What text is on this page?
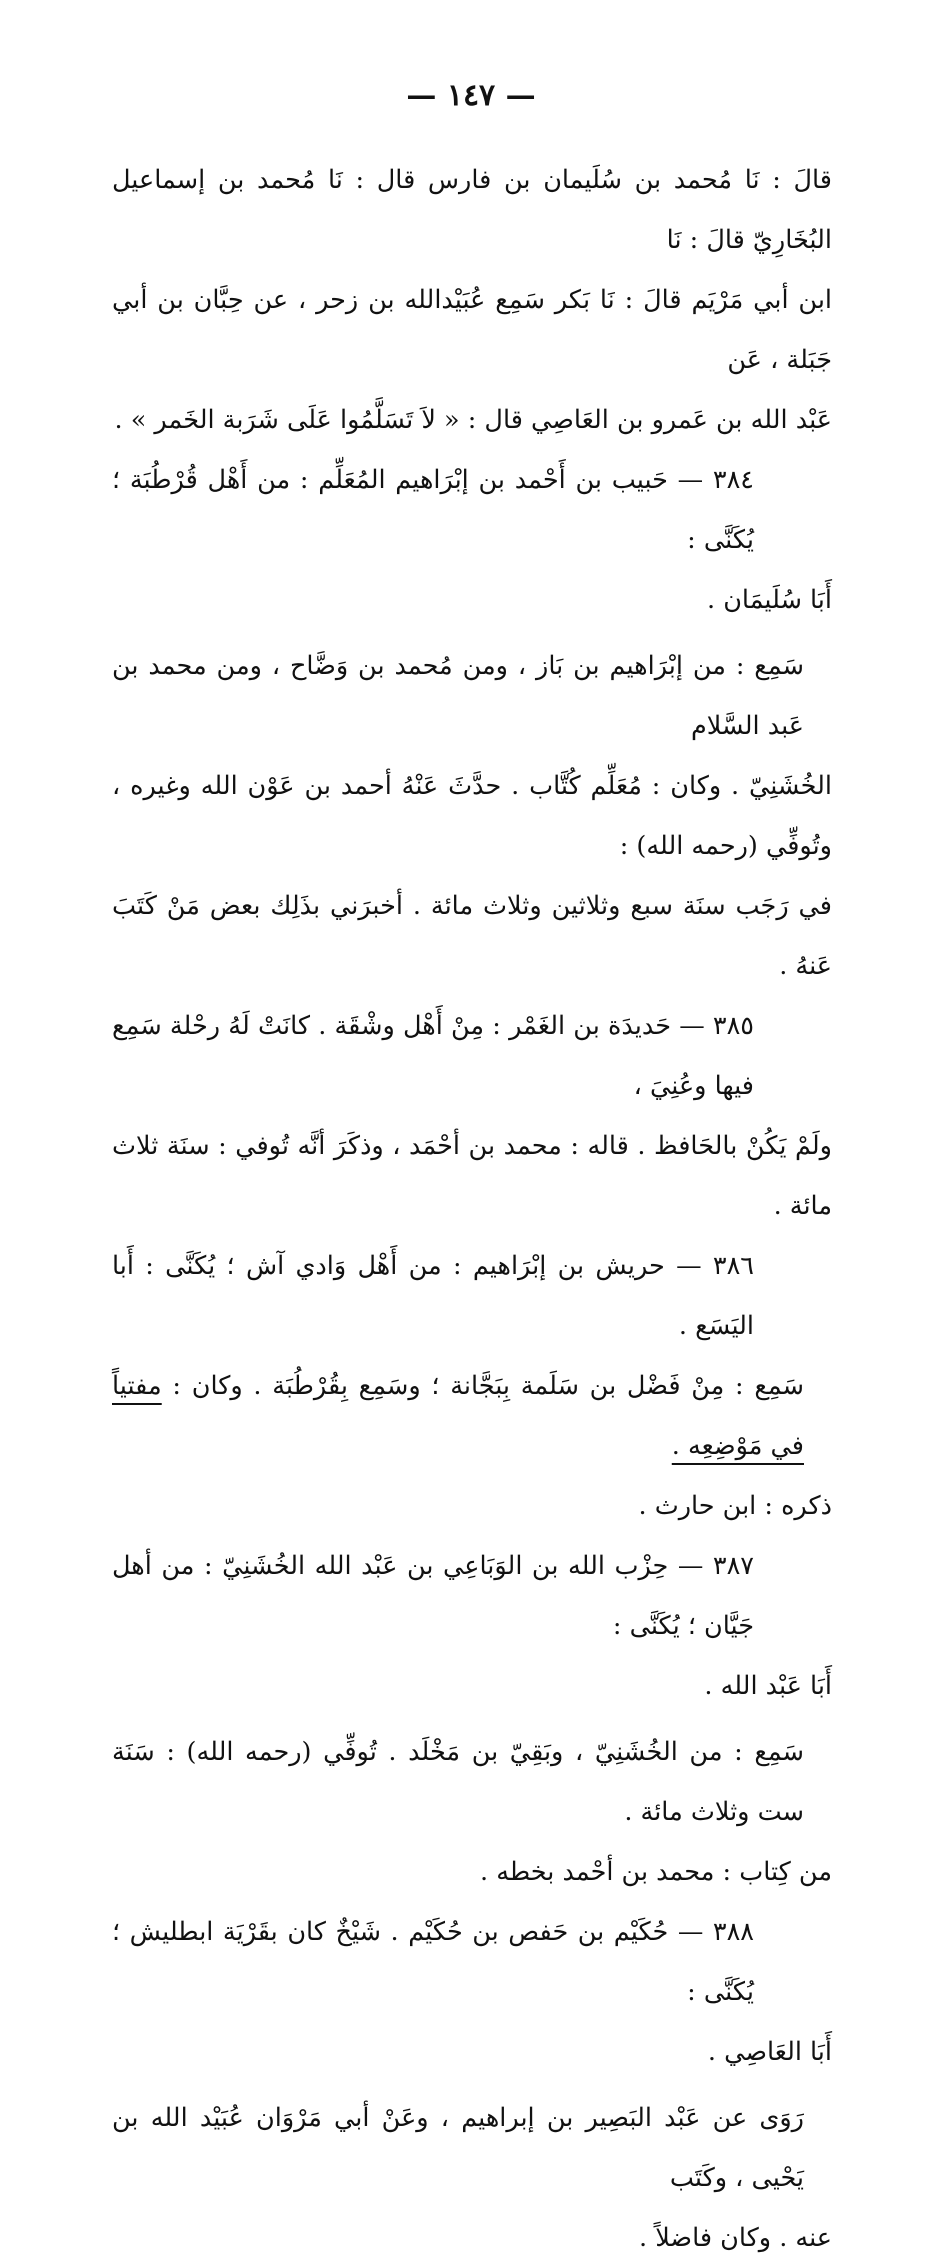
— ١٤٧ —

قالَ : نَا مُحمد بن سُلَيمان بن فارس قال : نَا مُحمد بن إسماعيل البُخَارِيّ قالَ : نَا

ابن أبي مَرْيَم قالَ : نَا بَكر سَمِع عُبَيْدالله بن زحر ، عن حِبَّان بن أبي جَبَلة ، عَن

عَبْد الله بن عَمرو بن العَاصِي قال : « لاَ تَسَلَّمُوا عَلَى شَرَبة الخَمر » .

٣٨٤ — حَبيب بن أَحْمد بن إبْرَاهيم المُعَلِّم : من أَهْل قُرْطُبَة ؛ يُكَنَّى :

أَبَا سُلَيمَان .

سَمِع : من إبْرَاهيم بن بَاز ، ومن مُحمد بن وَضَّاح ، ومن محمد بن عَبد السَّلام

الخُشَنِيّ . وكان : مُعَلِّم كُتَّاب . حدَّثَ عَنْهُ أحمد بن عَوْن الله وغيره ، وتُوفِّي (رحمه الله) :

في رَجَب سنَة سبع وثلاثين وثلاث مائة . أخبرَني بذَلِك بعض مَنْ كَتَبَ عَنهُ .

٣٨٥ — حَديدَة بن الغَمْر : مِنْ أَهْل وشْقَة . كانَتْ لَهُ رحْلة سَمِع فيها وعُنِيَ ،

ولَمْ يَكُنْ بالحَافظ . قاله : محمد بن أحْمَد ، وذكَرَ أنَّه تُوفي : سنَة ثلاث مائة .

٣٨٦ — حريش بن إبْرَاهيم : من أَهْل وَادي آش ؛ يُكَنَّى : أَبا اليَسَع .

سَمِع : مِنْ فَضْل بن سَلَمة بِبَجَّانة ؛ وسَمِع بِقُرْطُبَة . وكان : مفتياً في مَوْضِعِه .

ذكره : ابن حارث .

٣٨٧ — حِزْب الله بن الوَبَاعِي بن عَبْد الله الخُشَنِيّ : من أهل جَيَّان ؛ يُكَنَّى :

أَبَا عَبْد الله .

سَمِع : من الخُشَنِيّ ، وبَقِيّ بن مَخْلَد . تُوفِّي (رحمه الله) : سَنَة ست وثلاث مائة .

من كِتاب : محمد بن أحْمد بخطه .

٣٨٨ — حُكَيْم بن حَفص بن حُكَيْم . شَيْخٌ كان بقَرْيَة ابطليش ؛ يُكَنَّى :

أَبَا العَاصِي .

رَوَى عن عَبْد البَصِير بن إبراهيم ، وعَنْ أبي مَرْوَان عُبَيْد الله بن يَحْيى ، وكَتَب

عنه . وكان فاضلاً .
